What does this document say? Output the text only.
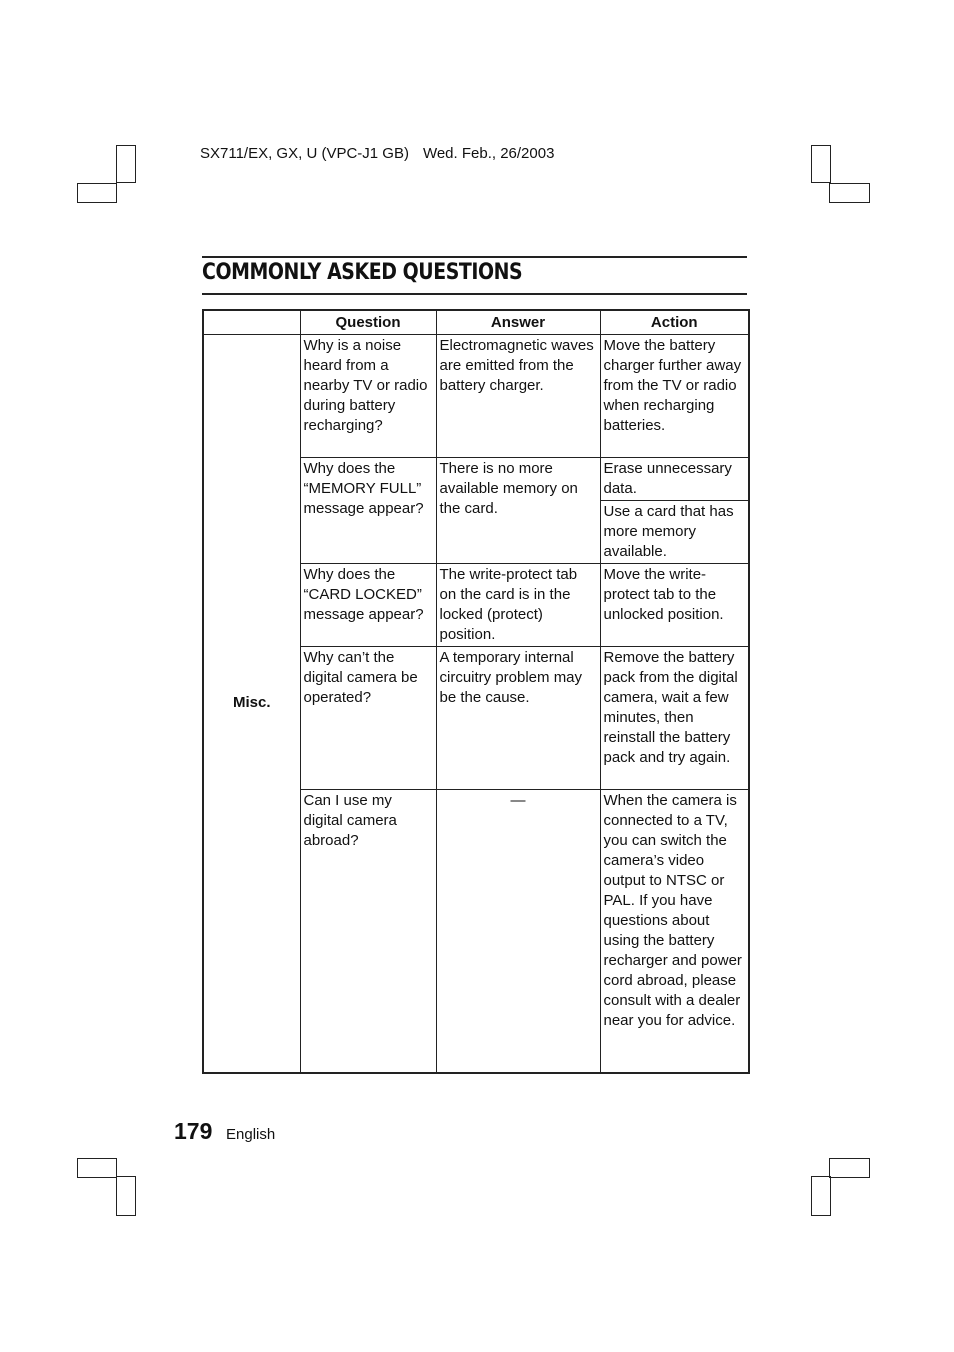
SX711/EX, GX, U (VPC-J1 GB) Wed. Feb., 26/2003
COMMONLY ASKED QUESTIONS
	Question	Answer	Action
Misc.	Why is a noise heard from a nearby TV or radio during battery recharging?	Electromagnetic waves are emitted from the battery charger.	Move the battery charger further away from the TV or radio when recharging batteries.
	Why does the “MEMORY FULL” message appear?	There is no more available memory on the card.	Erase unnecessary data.
			Use a card that has more memory available.
	Why does the “CARD LOCKED” message appear?	The write-protect tab on the card is in the locked (protect) position.	Move the write-protect tab to the unlocked position.
	Why can’t the digital camera be operated?	A temporary internal circuitry problem may be the cause.	Remove the battery pack from the digital camera, wait a few minutes, then reinstall the battery pack and try again.
	Can I use my digital camera abroad?	—	When the camera is connected to a TV, you can switch the camera’s video output to NTSC or PAL. If you have questions about using the battery recharger and power cord abroad, please consult with a dealer near you for advice.
179 English
